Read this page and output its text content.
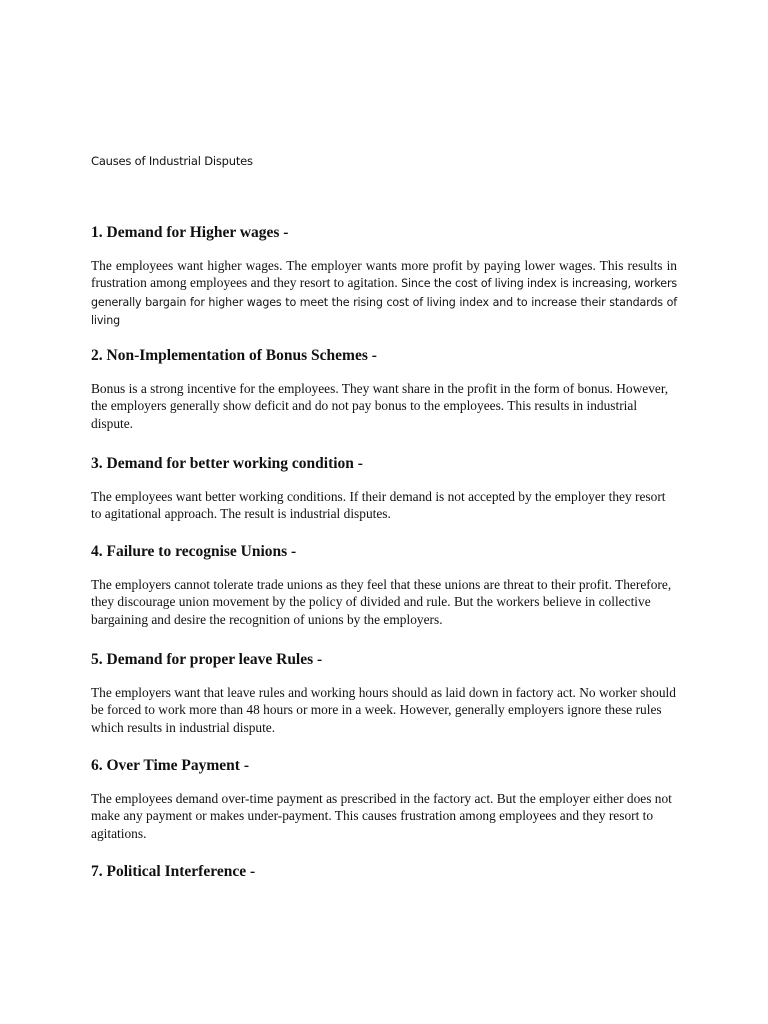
Causes of Industrial Disputes
1. Demand for Higher wages -

The employees want higher wages. The employer wants more profit by paying lower wages. This results in frustration among employees and they resort to agitation. Since the cost of living index is increasing, workers generally bargain for higher wages to meet the rising cost of living index and to increase their standards of living

2. Non-Implementation of Bonus Schemes -

Bonus is a strong incentive for the employees. They want share in the profit in the form of bonus. However, the employers generally show deficit and do not pay bonus to the employees. This results in industrial dispute.

3. Demand for better working condition -

The employees want better working conditions. If their demand is not accepted by the employer they resort to agitational approach. The result is industrial disputes.

4. Failure to recognise Unions -

The employers cannot tolerate trade unions as they feel that these unions are threat to their profit. Therefore, they discourage union movement by the policy of divided and rule. But the workers believe in collective bargaining and desire the recognition of unions by the employers.

5. Demand for proper leave Rules -

The employers want that leave rules and working hours should as laid down in factory act. No worker should be forced to work more than 48 hours or more in a week. However, generally employers ignore these rules which results in industrial dispute.

6. Over Time Payment -

The employees demand over-time payment as prescribed in the factory act. But the employer either does not make any payment or makes under-payment. This causes frustration among employees and they resort to agitations.

7. Political Interference -
